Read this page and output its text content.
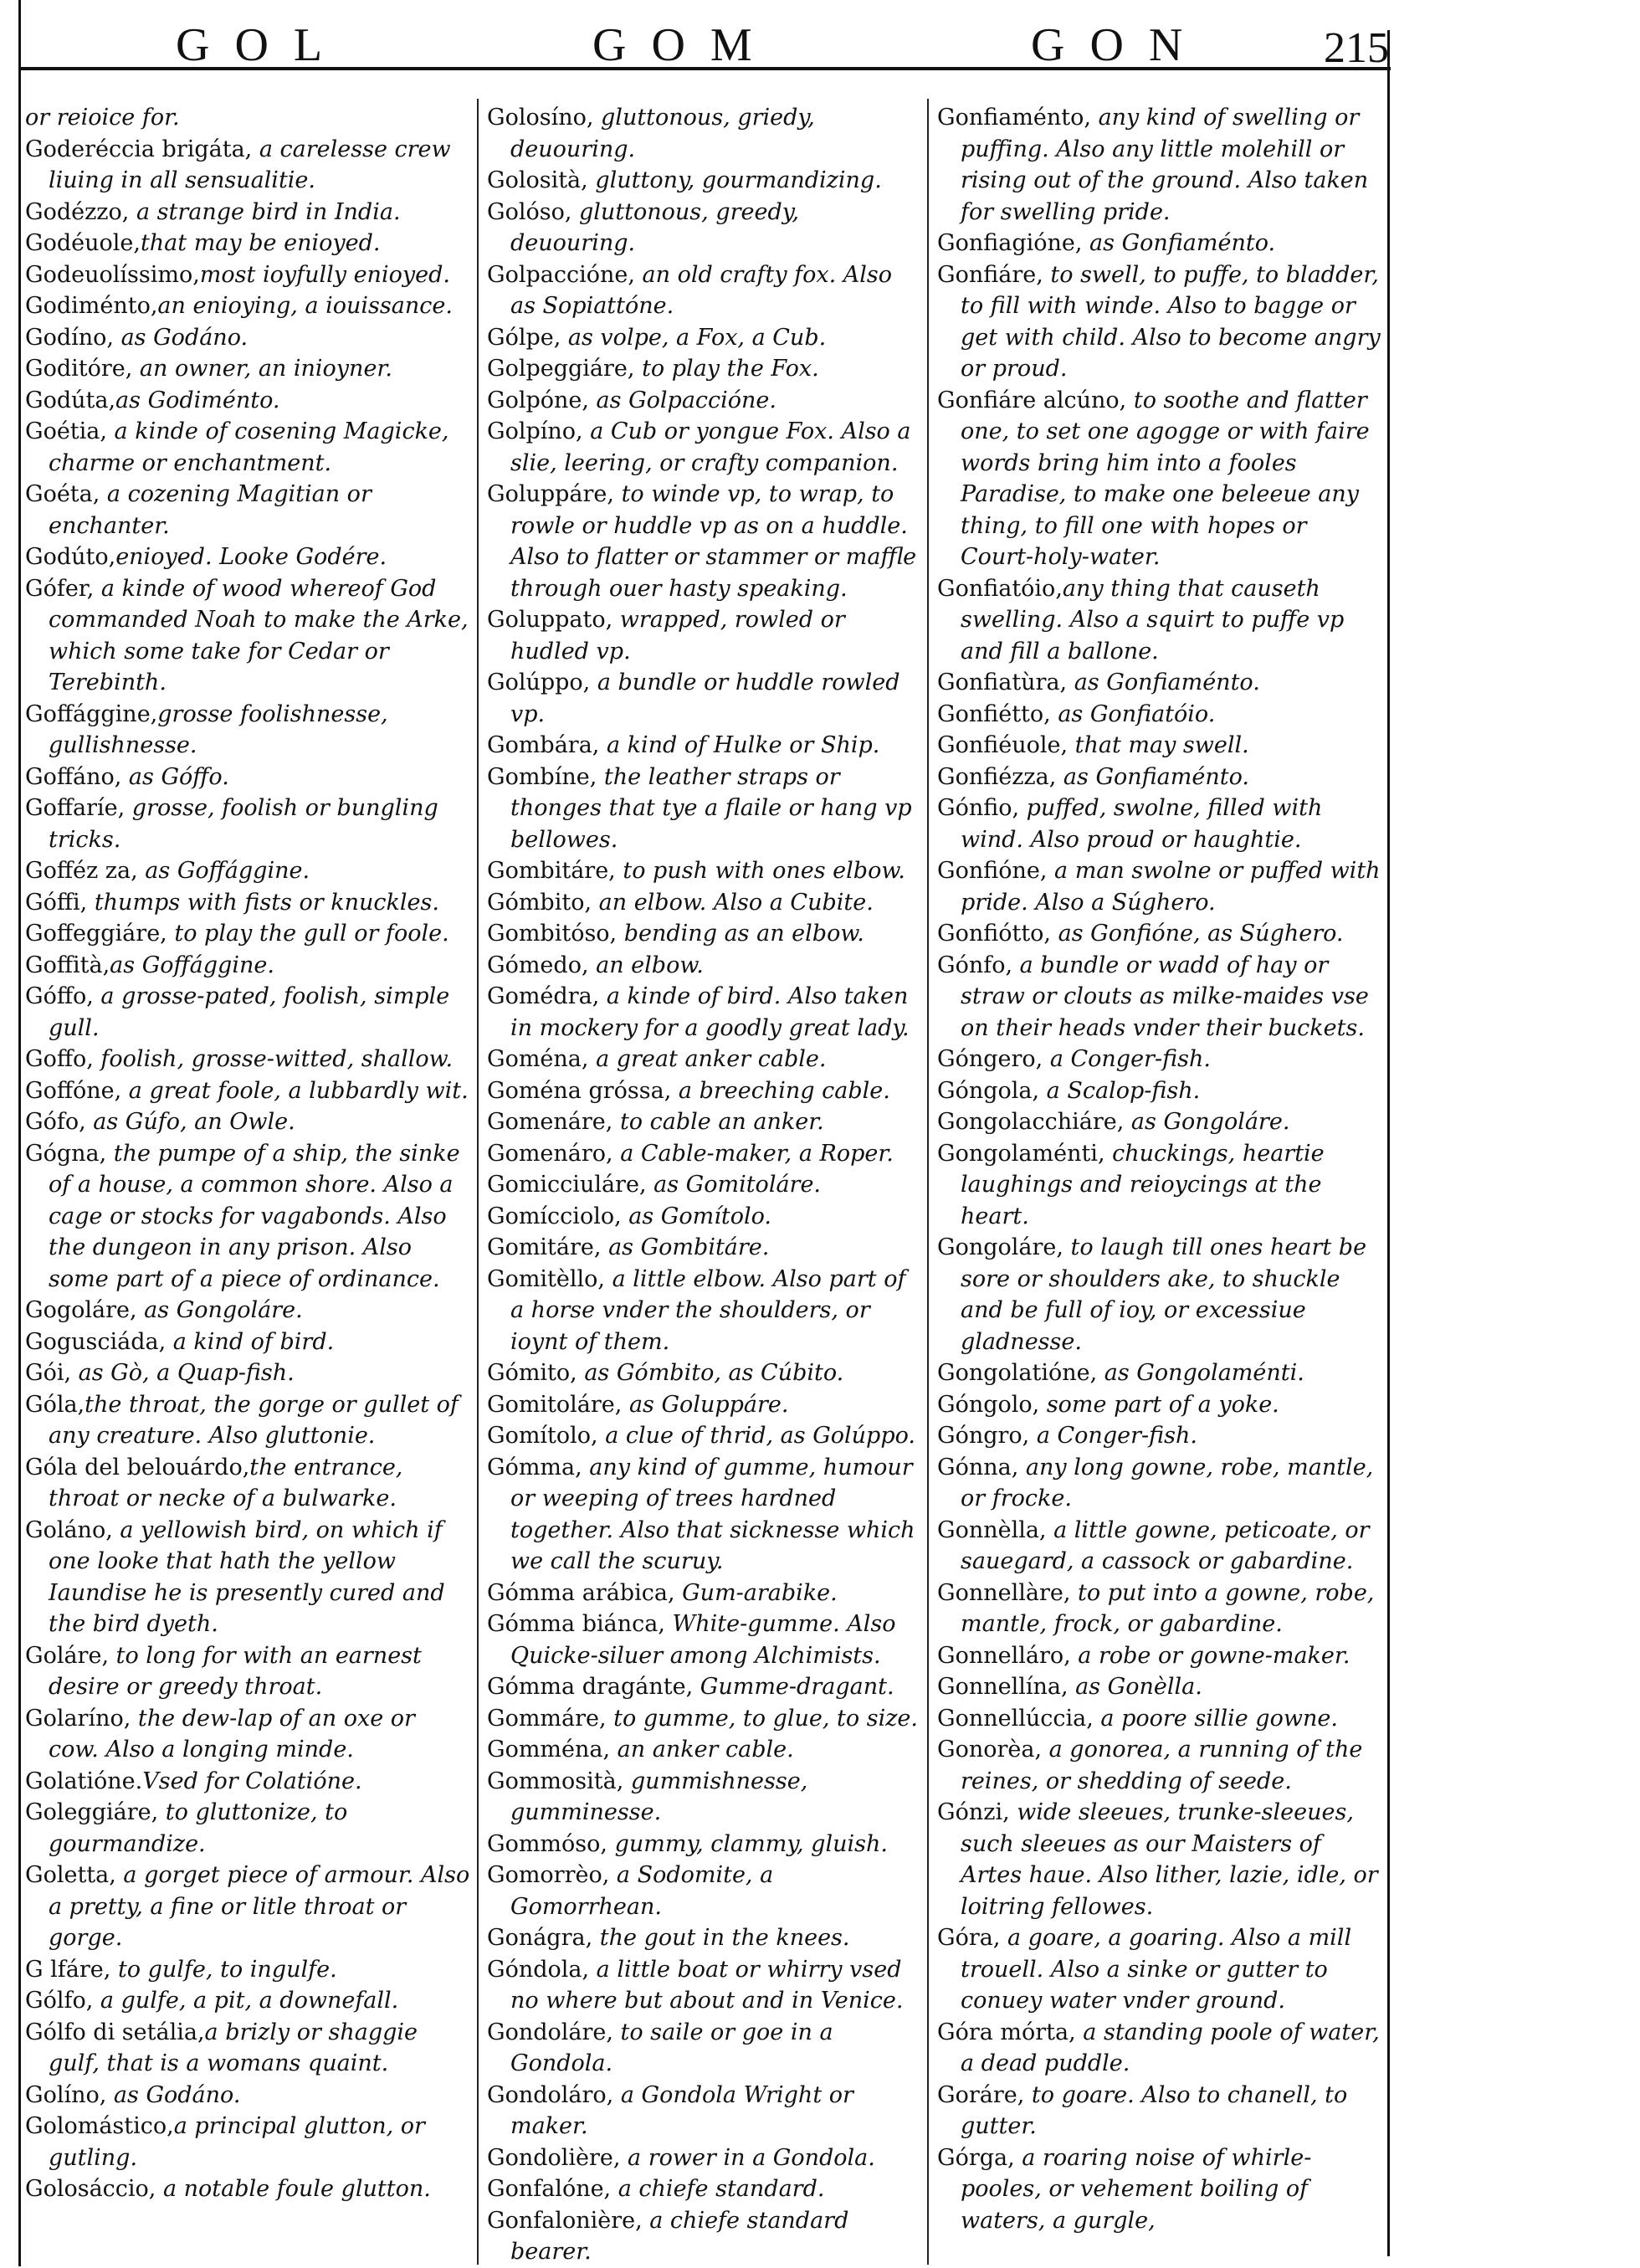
GOL	GOM	GON	215

or reioice for.

Goderéccia brigáta, a carelesse crew liuing in all sensualitie.

Godézzo, a strange bird in India.

Godéuole,that may be enioyed.

Godeuolíssimo,most ioyfully enioyed.

Godiménto,an enioying, a iouissance.

Godíno, as Godáno.

Goditóre, an owner, an inioyner.

Godúta,as Godiménto.

Goétia, a kinde of cosening Magicke, charme or enchantment.

Goéta, a cozening Magitian or enchanter.

Godúto,enioyed. Looke Godére.

Gófer, a kinde of wood whereof God commanded Noah to make the Arke, which some take for Cedar or Terebinth.

Goffággine,grosse foolishnesse, gullishnesse.

Goffáno, as Góffo.

Goffaríe, grosse, foolish or bungling tricks.

Gofféz za, as Goffággine.

Góffi, thumps with fists or knuckles.

Goffeggiáre, to play the gull or foole.

Goffità,as Goffággine.

Góffo, a grosse-pated, foolish, simple gull.

Goffo, foolish, grosse-witted, shallow.

Goffóne, a great foole, a lubbardly wit.

Gófo, as Gúfo, an Owle.

Gógna, the pumpe of a ship, the sinke of a house, a common shore. Also a cage or stocks for vagabonds. Also the dungeon in any prison. Also some part of a piece of ordinance.

Gogoláre, as Gongoláre.

Gogusciáda, a kind of bird.

Gói, as Gò, a Quap-fish.

Góla,the throat, the gorge or gullet of any creature. Also gluttonie.

Góla del belouárdo,the entrance, throat or necke of a bulwarke.

Goláno, a yellowish bird, on which if one looke that hath the yellow Iaundise he is presently cured and the bird dyeth.

Goláre, to long for with an earnest desire or greedy throat.

Golaríno, the dew-lap of an oxe or cow. Also a longing minde.

Golatióne.Vsed for Colatióne.

Goleggiáre, to gluttonize, to gourmandize.

Goletta, a gorget piece of armour. Also a pretty, a fine or litle throat or gorge.

G lfáre, to gulfe, to ingulfe.

Gólfo, a gulfe, a pit, a downefall.

Gólfo di setália,a brizly or shaggie gulf, that is a womans quaint.

Golíno, as Godáno.

Golomástico,a principal glutton, or gutling.

Golosáccio, a notable foule glutton.

Golosíno, gluttonous, griedy, deuouring.

Golosità, gluttony, gourmandizing.

Golóso, gluttonous, greedy, deuouring.

Golpaccióne, an old crafty fox. Also as Sopiattóne.

Gólpe, as volpe, a Fox, a Cub.

Golpeggiáre, to play the Fox.

Golpóne, as Golpaccióne.

Golpíno, a Cub or yongue Fox. Also a slie, leering, or crafty companion.

Goluppáre, to winde vp, to wrap, to rowle or huddle vp as on a huddle. Also to flatter or stammer or maffle through ouer hasty speaking.

Goluppato, wrapped, rowled or hudled vp.

Golúppo, a bundle or huddle rowled vp.

Gombára, a kind of Hulke or Ship.

Gombíne, the leather straps or thonges that tye a flaile or hang vp bellowes.

Gombitáre, to push with ones elbow.

Gómbito, an elbow. Also a Cubite.

Gombitóso, bending as an elbow.

Gómedo, an elbow.

Gomédra, a kinde of bird. Also taken in mockery for a goodly great lady.

Goména, a great anker cable.

Goména gróssa, a breeching cable.

Gomenáre, to cable an anker.

Gomenáro, a Cable-maker, a Roper.

Gomicciuláre, as Gomitoláre.

Gomícciolo, as Gomítolo.

Gomitáre, as Gombitáre.

Gomitèllo, a little elbow. Also part of a horse vnder the shoulders, or ioynt of them.

Gómito, as Gómbito, as Cúbito.

Gomitoláre, as Goluppáre.

Gomítolo, a clue of thrid, as Golúppo.

Gómma, any kind of gumme, humour or weeping of trees hardned together. Also that sicknesse which we call the scuruy.

Gómma arábica, Gum-arabike.

Gómma biánca, White-gumme. Also Quicke-siluer among Alchimists.

Gómma dragánte, Gumme-dragant.

Gommáre, to gumme, to glue, to size.

Gomména, an anker cable.

Gommosità, gummishnesse, gumminesse.

Gommóso, gummy, clammy, gluish.

Gomorrèo, a Sodomite, a Gomorrhean.

Gonágra, the gout in the knees.

Góndola, a little boat or whirry vsed no where but about and in Venice.

Gondoláre, to saile or goe in a Gondola.

Gondoláro, a Gondola Wright or maker.

Gondolière, a rower in a Gondola.

Gonfalóne, a chiefe standard.

Gonfalonière, a chiefe standard bearer.

Gonfiaménto, any kind of swelling or puffing. Also any little molehill or rising out of the ground. Also taken for swelling pride.

Gonfiagióne, as Gonfiaménto.

Gonfiáre, to swell, to puffe, to bladder, to fill with winde. Also to bagge or get with child. Also to become angry or proud.

Gonfiáre alcúno, to soothe and flatter one, to set one agogge or with faire words bring him into a fooles Paradise, to make one beleeue any thing, to fill one with hopes or Court-holy-water.

Gonfiatóio,any thing that causeth swelling. Also a squirt to puffe vp and fill a ballone.

Gonfiatùra, as Gonfiaménto.

Gonfiétto, as Gonfiatóio.

Gonfiéuole, that may swell.

Gonfiézza, as Gonfiaménto.

Gónfio, puffed, swolne, filled with wind. Also proud or haughtie.

Gonfióne, a man swolne or puffed with pride. Also a Súghero.

Gonfiótto, as Gonfióne, as Súghero.

Gónfo, a bundle or wadd of hay or straw or clouts as milke-maides vse on their heads vnder their buckets.

Góngero, a Conger-fish.

Góngola, a Scalop-fish.

Gongolacchiáre, as Gongoláre.

Gongolaménti, chuckings, heartie laughings and reioycings at the heart.

Gongoláre, to laugh till ones heart be sore or shoulders ake, to shuckle and be full of ioy, or excessiue gladnesse.

Gongolatióne, as Gongolaménti.

Góngolo, some part of a yoke.

Góngro, a Conger-fish.

Gónna, any long gowne, robe, mantle, or frocke.

Gonnèlla, a little gowne, peticoate, or sauegard, a cassock or gabardine.

Gonnellàre, to put into a gowne, robe, mantle, frock, or gabardine.

Gonnelláro, a robe or gowne-maker.

Gonnellína, as Gonèlla.

Gonnellúccia, a poore sillie gowne.

Gonorèa, a gonorea, a running of the reines, or shedding of seede.

Gónzi, wide sleeues, trunke-sleeues, such sleeues as our Maisters of Artes haue. Also lither, lazie, idle, or loitring fellowes.

Góra, a goare, a goaring. Also a mill trouell. Also a sinke or gutter to conuey water vnder ground.

Góra mórta, a standing poole of water, a dead puddle.

Goráre, to goare. Also to chanell, to gutter.

Górga, a roaring noise of whirle-pooles, or vehement boiling of waters, a gurgle,
